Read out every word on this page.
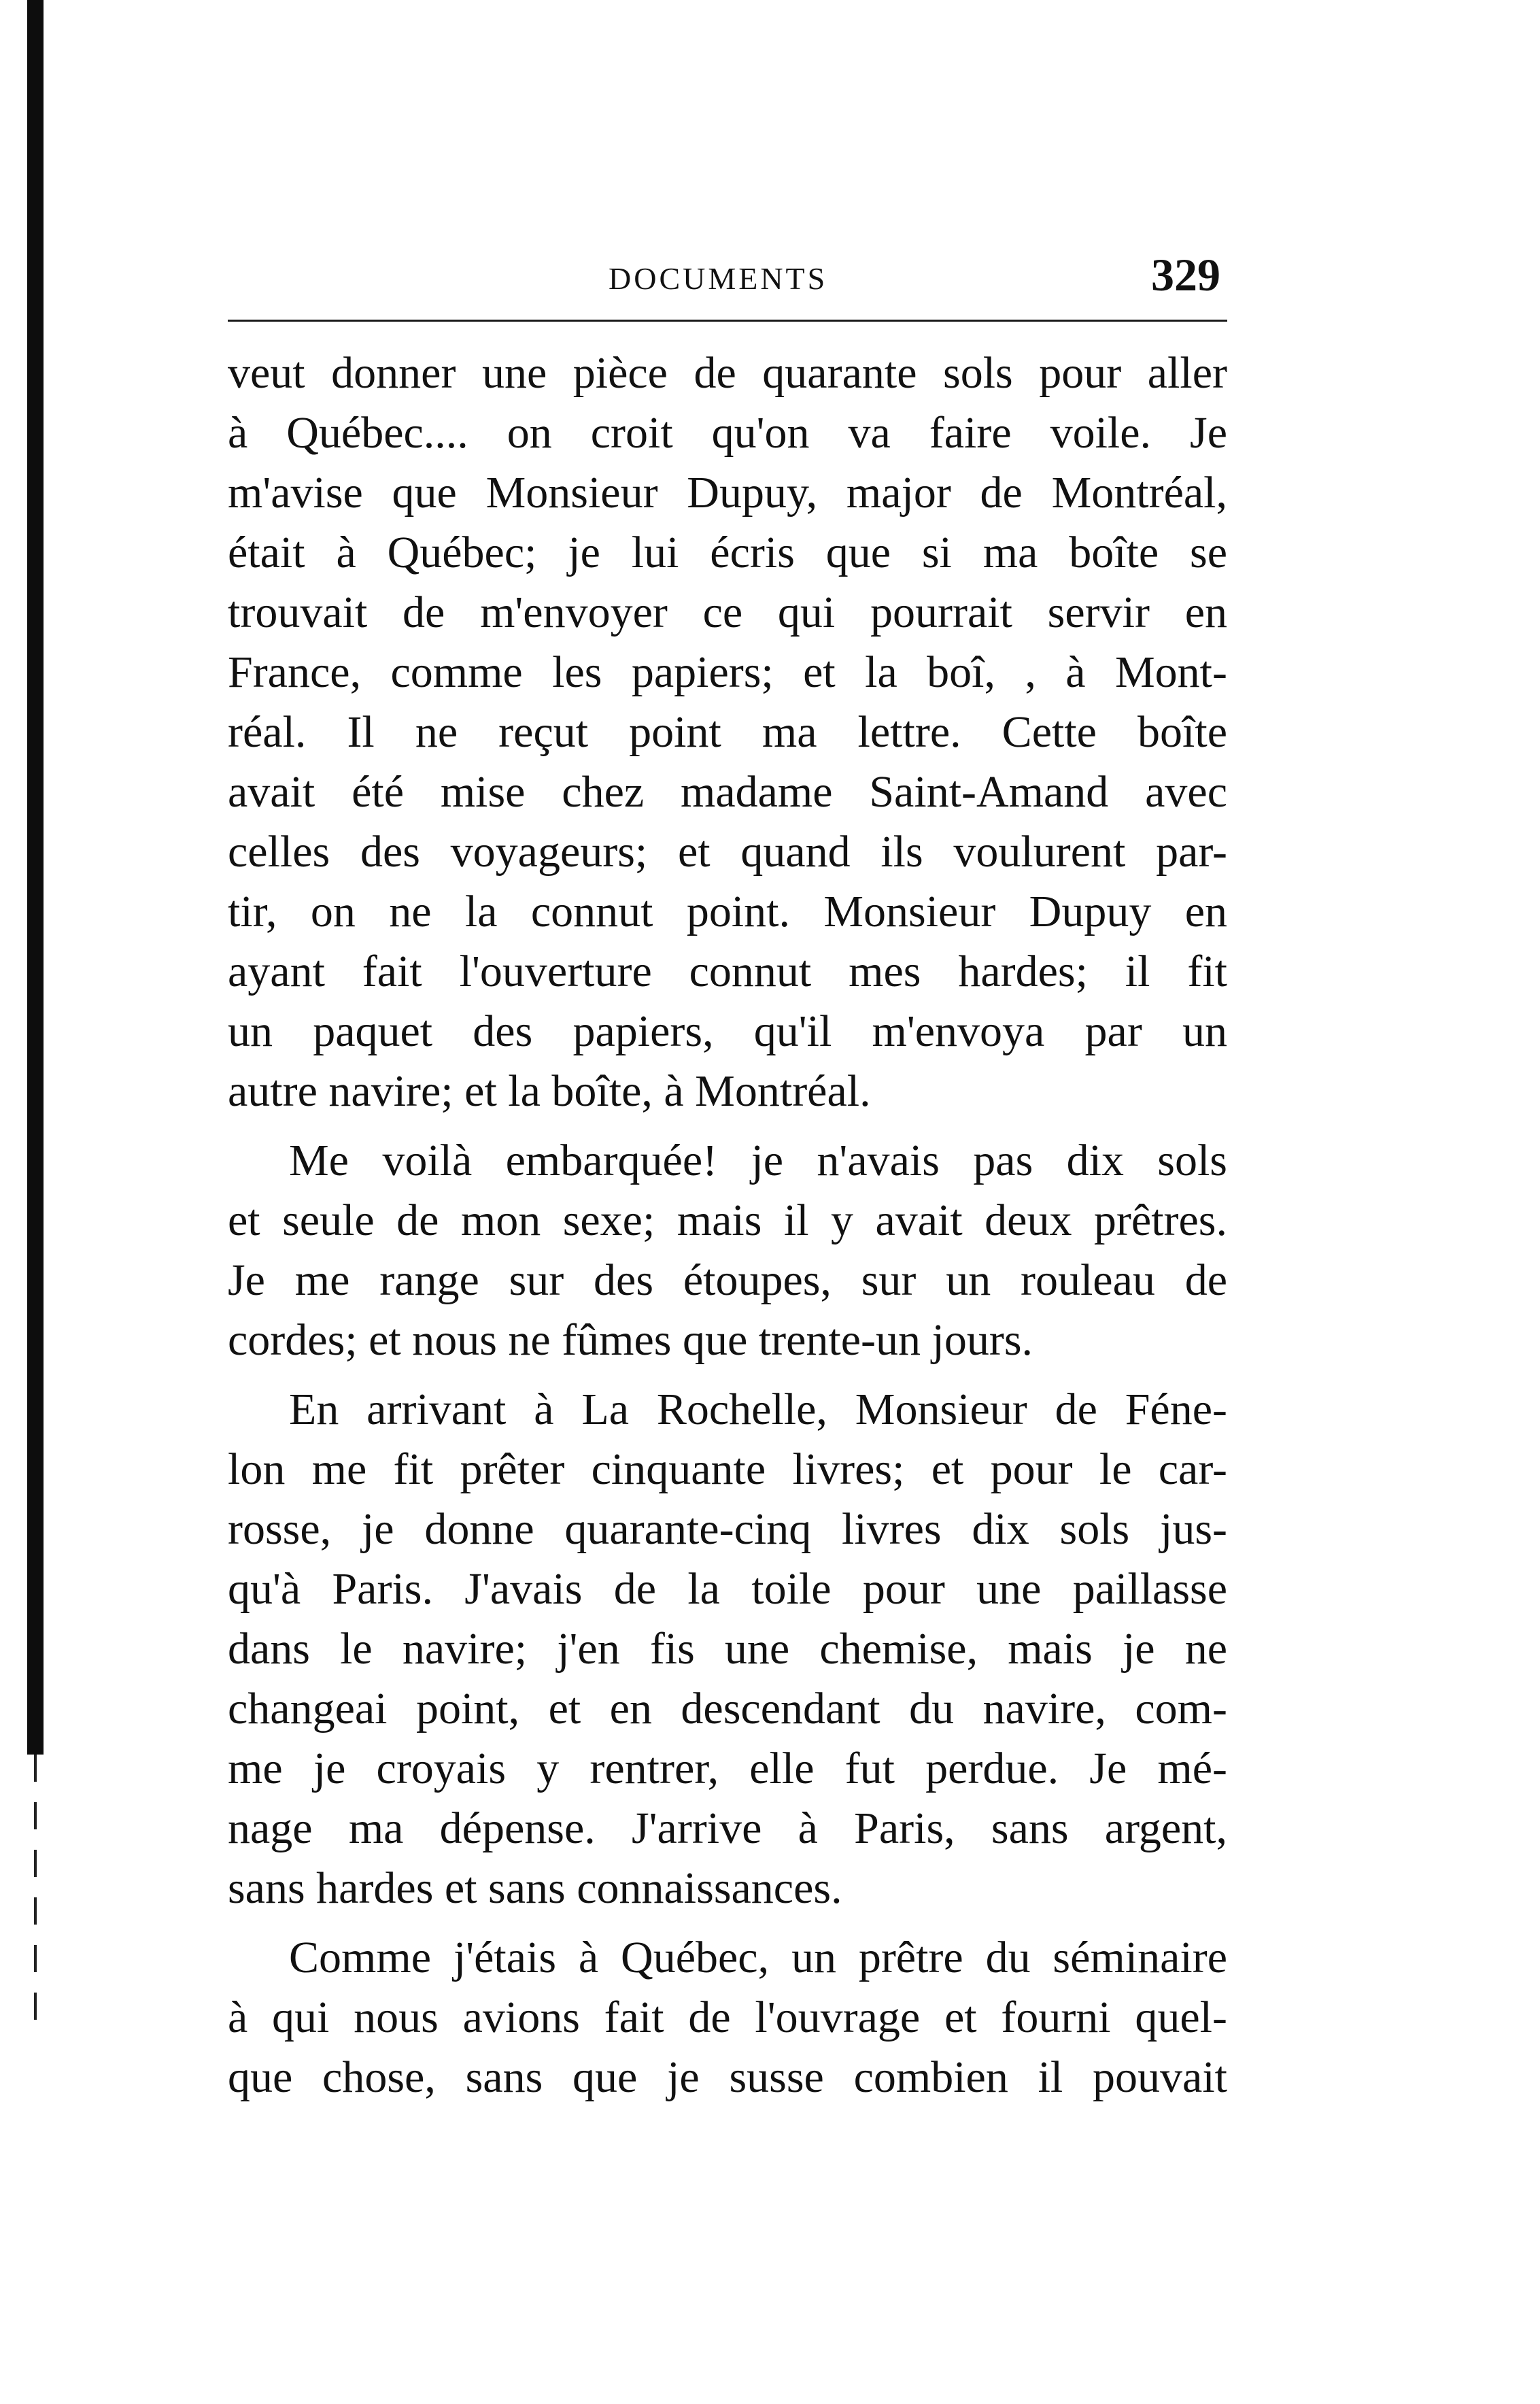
DOCUMENTS	329
veut donner une pièce de quarante sols pour aller
à Québec.... on croit qu'on va faire voile. Je
m'avise que Monsieur Dupuy, major de Montréal,
était à Québec; je lui écris que si ma boîte se
trouvait de m'envoyer ce qui pourrait servir en
France, comme les papiers; et la boî, , à Mont-
réal. Il ne reçut point ma lettre. Cette boîte
avait été mise chez madame Saint-Amand avec
celles des voyageurs; et quand ils voulurent par-
tir, on ne la connut point. Monsieur Dupuy en
ayant fait l'ouverture connut mes hardes; il fit
un paquet des papiers, qu'il m'envoya par un
autre navire; et la boîte, à Montréal.
Me voilà embarquée! je n'avais pas dix sols
et seule de mon sexe; mais il y avait deux prêtres.
Je me range sur des étoupes, sur un rouleau de
cordes; et nous ne fûmes que trente-un jours.
En arrivant à La Rochelle, Monsieur de Féne-
lon me fit prêter cinquante livres; et pour le car-
rosse, je donne quarante-cinq livres dix sols jus-
qu'à Paris. J'avais de la toile pour une paillasse
dans le navire; j'en fis une chemise, mais je ne
changeai point, et en descendant du navire, com-
me je croyais y rentrer, elle fut perdue. Je mé-
nage ma dépense. J'arrive à Paris, sans argent,
sans hardes et sans connaissances.
Comme j'étais à Québec, un prêtre du séminaire
à qui nous avions fait de l'ouvrage et fourni quel-
que chose, sans que je susse combien il pouvait
